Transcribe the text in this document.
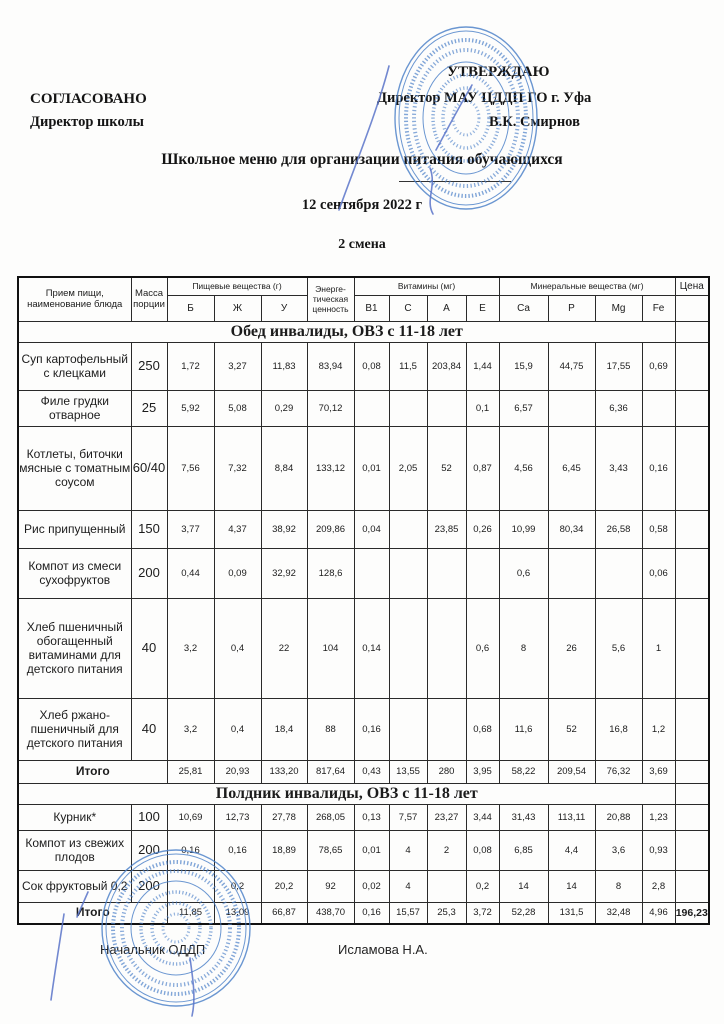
СОГЛАСОВАНО
Директор школы
УТВЕРЖДАЮ
Директор МАУ ЦДДП ГО г. Уфа
В.К. Смирнов
Школьное меню для организации питания обучающихся
12 сентября 2022 г
2 смена
Прием пищи, наименование блюда	Масса порции	Пищевые вещества (г)			Энерге-тическая ценность	Витамины (мг)				Минеральные вещества (мг)				Цена
		Б	Ж	У		B1	C	A	E	Ca	P	Mg	Fe	
Обед инвалиды, ОВЗ с 11-18 лет														
Суп картофельный с клецками	250	1,72	3,27	11,83	83,94	0,08	11,5	203,84	1,44	15,9	44,75	17,55	0,69	
Филе грудки отварное	25	5,92	5,08	0,29	70,12				0,1	6,57		6,36		
Котлеты, биточки мясные с томатным соусом	60/40	7,56	7,32	8,84	133,12	0,01	2,05	52	0,87	4,56	6,45	3,43	0,16	
Рис припущенный	150	3,77	4,37	38,92	209,86	0,04		23,85	0,26	10,99	80,34	26,58	0,58	
Компот из смеси сухофруктов	200	0,44	0,09	32,92	128,6					0,6			0,06	
Хлеб пшеничный обогащенный витаминами для детского питания	40	3,2	0,4	22	104	0,14			0,6	8	26	5,6	1	
Хлеб ржано-пшеничный для детского питания	40	3,2	0,4	18,4	88	0,16			0,68	11,6	52	16,8	1,2	
Итого		25,81	20,93	133,20	817,64	0,43	13,55	280	3,95	58,22	209,54	76,32	3,69	
Полдник инвалиды, ОВЗ с 11-18 лет														
Курник*	100	10,69	12,73	27,78	268,05	0,13	7,57	23,27	3,44	31,43	113,11	20,88	1,23	
Компот из свежих плодов	200	0,16	0,16	18,89	78,65	0,01	4	2	0,08	6,85	4,4	3,6	0,93	
Сок фруктовый 0,2	200		0,2	20,2	92	0,02	4		0,2	14	14	8	2,8	
Итого		11,85	13,09	66,87	438,70	0,16	15,57	25,3	3,72	52,28	131,5	32,48	4,96	196,23
Начальник ОДДП	Исламова Н.А.
